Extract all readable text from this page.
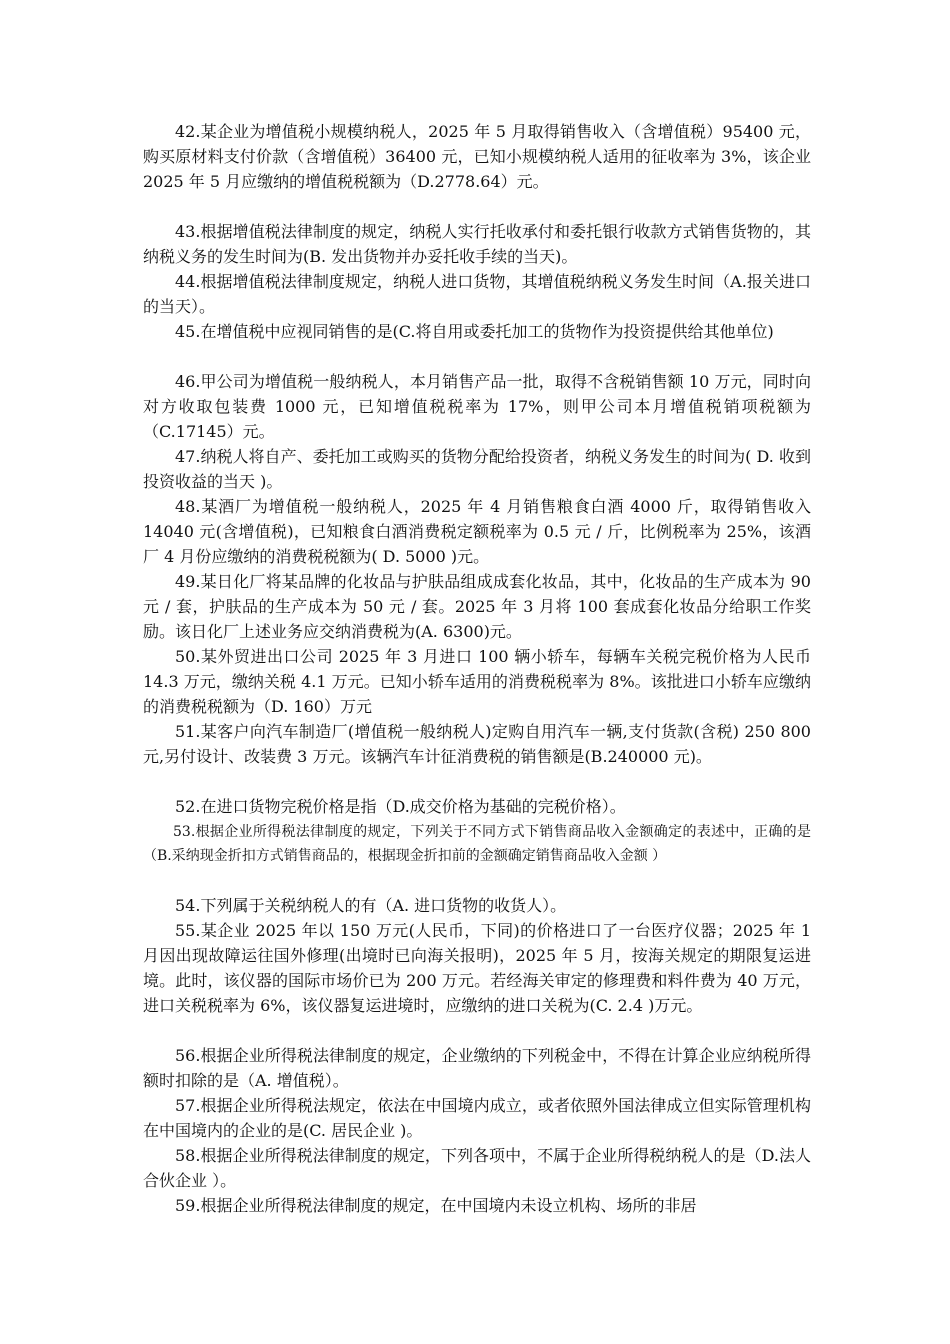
42.某企业为增值税小规模纳税人，2025 年 5 月取得销售收入（含增值税）95400 元，购买原材料支付价款（含增值税）36400 元，已知小规模纳税人适用的征收率为 3%，该企业 2025 年 5 月应缴纳的增值税税额为（D.2778.64）元。

43.根据增值税法律制度的规定，纳税人实行托收承付和委托银行收款方式销售货物的，其纳税义务的发生时间为(B. 发出货物并办妥托收手续的当天)。

44.根据增值税法律制度规定，纳税人进口货物，其增值税纳税义务发生时间（A.报关进口的当天）。

45.在增值税中应视同销售的是(C.将自用或委托加工的货物作为投资提供给其他单位)

46.甲公司为增值税一般纳税人，本月销售产品一批，取得不含税销售额 10 万元，同时向对方收取包装费 1000 元，已知增值税税率为 17%，则甲公司本月增值税销项税额为（C.17145）元。

47.纳税人将自产、委托加工或购买的货物分配给投资者，纳税义务发生的时间为( D. 收到投资收益的当天 )。

48.某酒厂为增值税一般纳税人，2025 年 4 月销售粮食白酒 4000 斤，取得销售收入 14040 元(含增值税)，已知粮食白酒消费税定额税率为 0.5 元 / 斤，比例税率为 25%，该酒厂 4 月份应缴纳的消费税税额为( D. 5000 )元。

49.某日化厂将某品牌的化妆品与护肤品组成成套化妆品，其中，化妆品的生产成本为 90 元 / 套，护肤品的生产成本为 50 元 / 套。2025 年 3 月将 100 套成套化妆品分给职工作奖励。该日化厂上述业务应交纳消费税为(A. 6300)元。

50.某外贸进出口公司 2025 年 3 月进口 100 辆小轿车，每辆车关税完税价格为人民币 14.3 万元，缴纳关税 4.1 万元。已知小轿车适用的消费税税率为 8%。该批进口小轿车应缴纳的消费税税额为（D. 160）万元

51.某客户向汽车制造厂(增值税一般纳税人)定购自用汽车一辆,支付货款(含税) 250 800元,另付设计、改装费 3 万元。该辆汽车计征消费税的销售额是(B.240000 元)。

52.在进口货物完税价格是指（D.成交价格为基础的完税价格）。

53.根据企业所得税法律制度的规定，下列关于不同方式下销售商品收入金额确定的表述中，正确的是（B.采纳现金折扣方式销售商品的，根据现金折扣前的金额确定销售商品收入金额 ）

54.下列属于关税纳税人的有（A. 进口货物的收货人）。

55.某企业 2025 年以 150 万元(人民币，下同)的价格进口了一台医疗仪器；2025 年 1 月因出现故障运往国外修理(出境时已向海关报明)，2025 年 5 月，按海关规定的期限复运进境。此时，该仪器的国际市场价已为 200 万元。若经海关审定的修理费和料件费为 40 万元，进口关税税率为 6%，该仪器复运进境时，应缴纳的进口关税为(C. 2.4 )万元。

56.根据企业所得税法律制度的规定，企业缴纳的下列税金中，不得在计算企业应纳税所得额时扣除的是（A. 增值税）。

57.根据企业所得税法规定，依法在中国境内成立，或者依照外国法律成立但实际管理机构在中国境内的企业的是(C. 居民企业 )。

58.根据企业所得税法律制度的规定，下列各项中，不属于企业所得税纳税人的是（D.法人合伙企业 ）。

59.根据企业所得税法律制度的规定，在中国境内未设立机构、场所的非居
